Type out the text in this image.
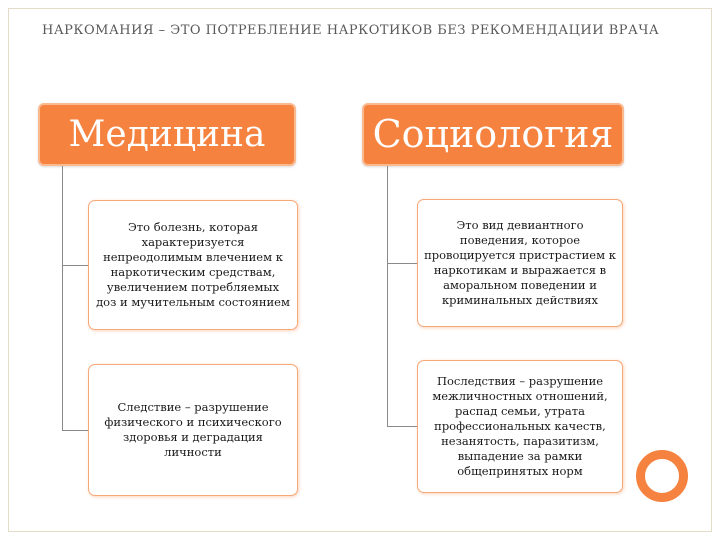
НАРКОМАНИЯ – ЭТО ПОТРЕБЛЕНИЕ НАРКОТИКОВ БЕЗ РЕКОМЕНДАЦИИ ВРАЧА
Медицина	Социология
Это болезнь, которая характеризуется непреодолимым влечением к наркотическим средствам, увеличением потребляемых доз и мучительным состоянием
Следствие – разрушение физического и психического здоровья и деградация личности
Это вид девиантного поведения, которое провоцируется пристрастием к наркотикам и выражается в аморальном поведении и криминальных действиях
Последствия – разрушение межличностных отношений, распад семьи, утрата профессиональных качеств, незанятость, паразитизм, выпадение за рамки общепринятых норм
